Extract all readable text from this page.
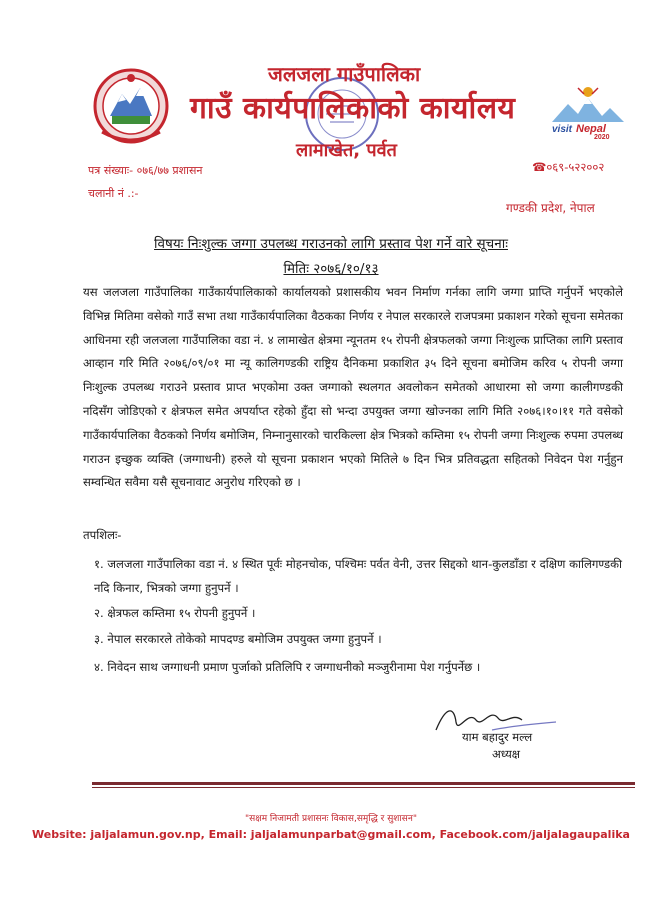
जलजला गाउँपालिका
गाउँ कार्यपालिकाको कार्यालय
लामाखेत, पर्वत
visit Nepal
2020
पत्र संख्याः- ०७६/७७ प्रशासन
चलानी नं .:-
☎०६९-५२२००२
गण्डकी प्रदेश, नेपाल
विषयः निःशुल्क जग्गा उपलब्ध गराउनको लागि प्रस्ताव पेश गर्ने वारे सूचनाः
मितिः २०७६/१०/१३
यस जलजला गाउँपालिका गाउँकार्यपालिकाको कार्यालयको प्रशासकीय भवन निर्माण गर्नका लागि जग्गा प्राप्ति गर्नुपर्ने भएकोले विभिन्न मितिमा वसेको गाउँ सभा तथा गाउँकार्यपालिका वैठकका निर्णय र नेपाल सरकारले राजपत्रमा प्रकाशन गरेको सूचना समेतका आधिनमा रही जलजला गाउँपालिका वडा नं. ४ लामाखेत क्षेत्रमा न्यूनतम १५ रोपनी क्षेत्रफलको जग्गा निःशुल्क प्राप्तिका लागि प्रस्ताव आव्हान गरि मिति २०७६/०९/०१ मा न्यू कालिगण्डकी राष्ट्रिय दैनिकमा प्रकाशित ३५ दिने सूचना बमोजिम करिव ५ रोपनी जग्गा निःशुल्क उपलब्ध गराउने प्रस्ताव प्राप्त भएकोमा उक्त जग्गाको स्थलगत अवलोकन समेतको आधारमा सो जग्गा कालीगण्डकी नदिसँग जोडिएको र क्षेत्रफल समेत अपर्याप्त रहेको हुँदा सो भन्दा उपयुक्त जग्गा खोज्नका लागि मिति २०७६।१०।११ गते वसेको गाउँकार्यपालिका वैठकको निर्णय बमोजिम, निम्नानुसारको चारकिल्ला क्षेत्र भित्रको कम्तिमा १५ रोपनी जग्गा निःशुल्क रुपमा उपलब्ध गराउन इच्छुक व्यक्ति (जग्गाधनी) हरुले यो सूचना प्रकाशन भएको मितिले ७ दिन भित्र प्रतिवद्धता सहितको निवेदन पेश गर्नुहुन सम्वन्धित सवैमा यसै सूचनावाट अनुरोध गरिएको छ ।
तपशिलः-
१. जलजला गाउँपालिका वडा नं. ४ स्थित पूर्वः मोहनचोक, पश्चिमः पर्वत वेनी, उत्तर सिद्दको थान-कुलडाँडा र दक्षिण कालिगण्डकी नदि किनार, भित्रको जग्गा हुनुपर्ने ।
२. क्षेत्रफल कम्तिमा १५ रोपनी हुनुपर्ने ।
३. नेपाल सरकारले तोकेको मापदण्ड बमोजिम उपयुक्त जग्गा हुनुपर्ने ।
४. निवेदन साथ जग्गाधनी प्रमाण पुर्जाको प्रतिलिपि र जग्गाधनीको मञ्जुरीनामा पेश गर्नुपर्नेछ ।
याम बहादुर मल्ल
अध्यक्ष
"सक्षम निजामती प्रशासनः विकास,समृद्धि र सुशासन"
Website: jaljalamun.gov.np, Email: jaljalamunparbat@gmail.com, Facebook.com/jaljalagaupalika
